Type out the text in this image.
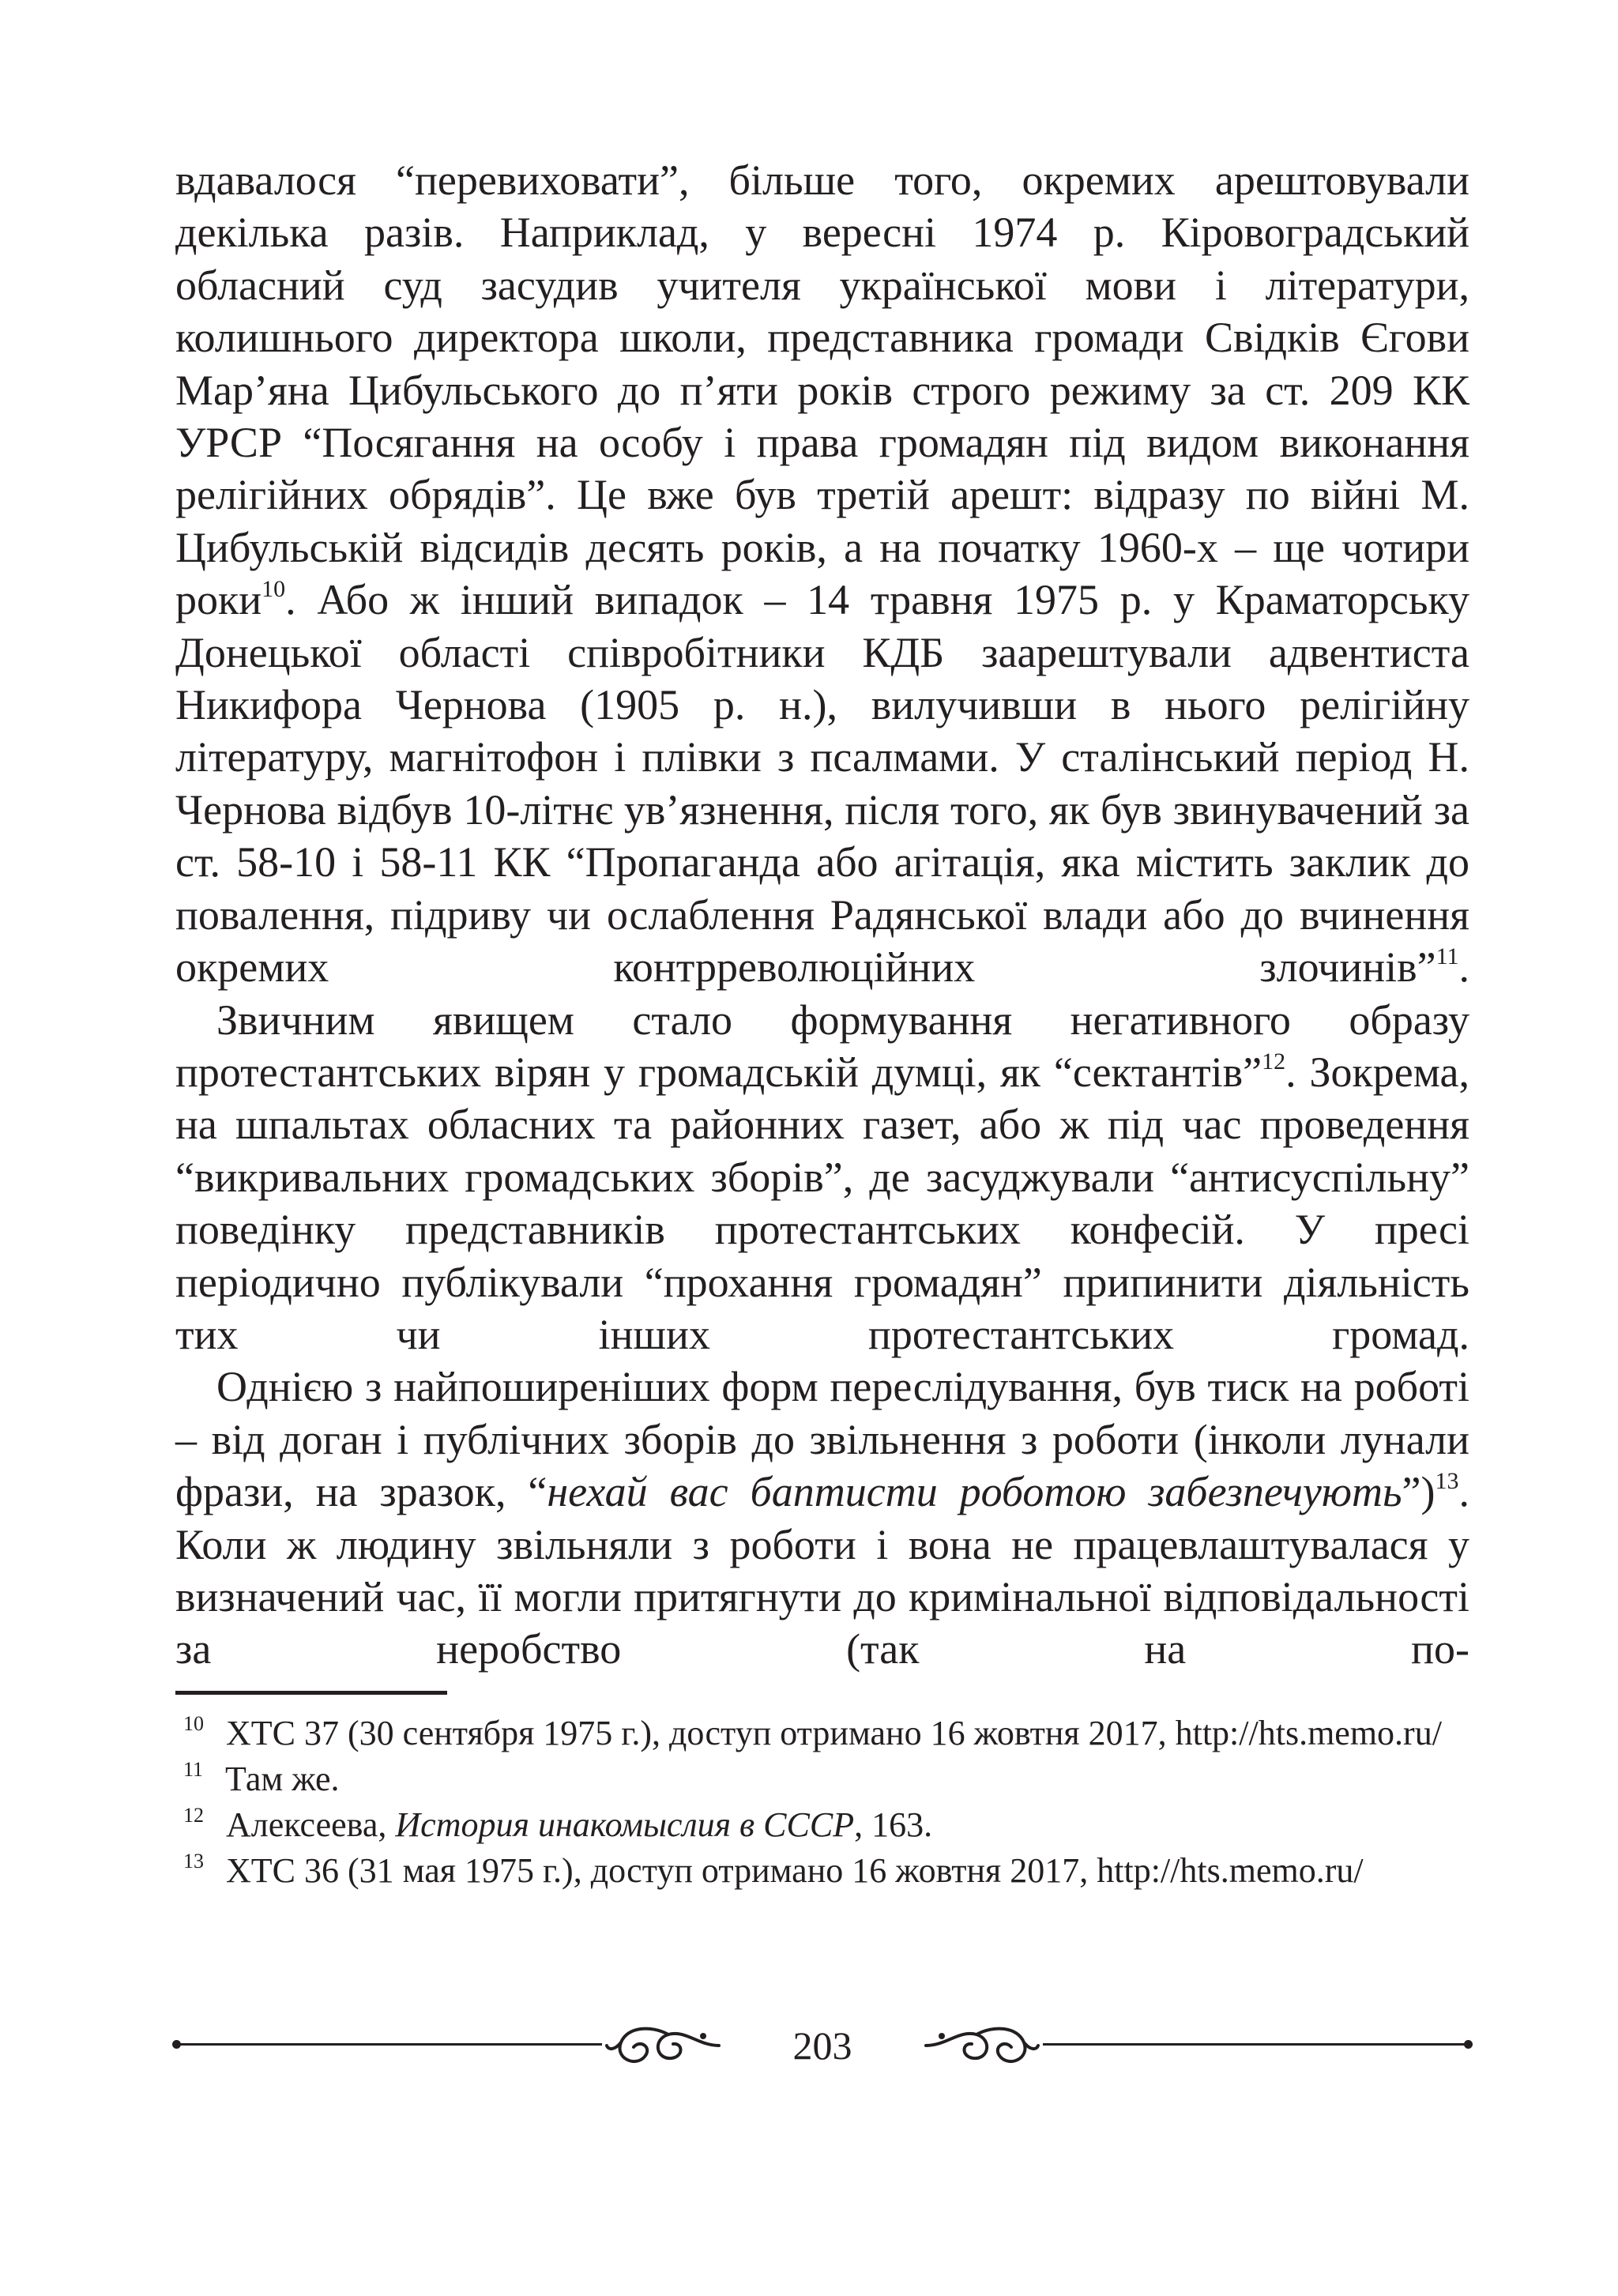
вдавалося “перевиховати”, більше того, окремих арештовували декілька разів. Наприклад, у вересні 1974 р. Кіровоградський обласний суд засудив учителя української мови і літератури, колишнього директора школи, представника громади Свідків Єгови Мар’яна Цибульського до п’яти років строго режиму за ст. 209 КК УРСР “Посягання на особу і права громадян під видом виконання релігійних обрядів”. Це вже був третій арешт: відразу по війні М. Цибульській відсидів десять років, а на початку 1960-х – ще чотири роки$^{10}$. Або ж інший випадок – 14 травня 1975 р. у Краматорську Донецької області співробітники КДБ заарештували адвентиста Никифора Чернова (1905 р. н.), вилучивши в нього релігійну літературу, магнітофон і плівки з псалмами. У сталінський період Н. Чернова відбув 10-літнє ув’язнення, після того, як був звинувачений за ст. 58-10 і 58-11 КК “Пропаганда або агітація, яка містить заклик до повалення, підриву чи ослаблення Радянської влади або до вчинення окремих контрреволюційних злочинів”$^{11}$.

Звичним явищем стало формування негативного образу протестантських вірян у громадській думці, як “сектантів”$^{12}$. Зокрема, на шпальтах обласних та районних газет, або ж під час проведення “викривальних громадських зборів”, де засуджували “антисуспільну” поведінку представників протестантських конфесій. У пресі періодично публікували “прохання громадян” припинити діяльність тих чи інших протестантських громад.

Однією з найпоширеніших форм переслідування, був тиск на роботі – від доган і публічних зборів до звільнення з роботи (інколи лунали фрази, на зразок, “нехай вас баптисти роботою забезпечують”)$^{13}$. Коли ж людину звільняли з роботи і вона не працевлаштувалася у визначений час, її могли притягнути до кримінальної відповідальності за неробство (так на по-

$^{10}$ ХТС 37 (30 сентября 1975 г.), доступ отримано 16 жовтня 2017, http://hts.memo.ru/

$^{11}$ Там же.

$^{12}$ Алексеева, История инакомыслия в СССР, 163.

$^{13}$ ХТС 36 (31 мая 1975 г.), доступ отримано 16 жовтня 2017, http://hts.memo.ru/

203
